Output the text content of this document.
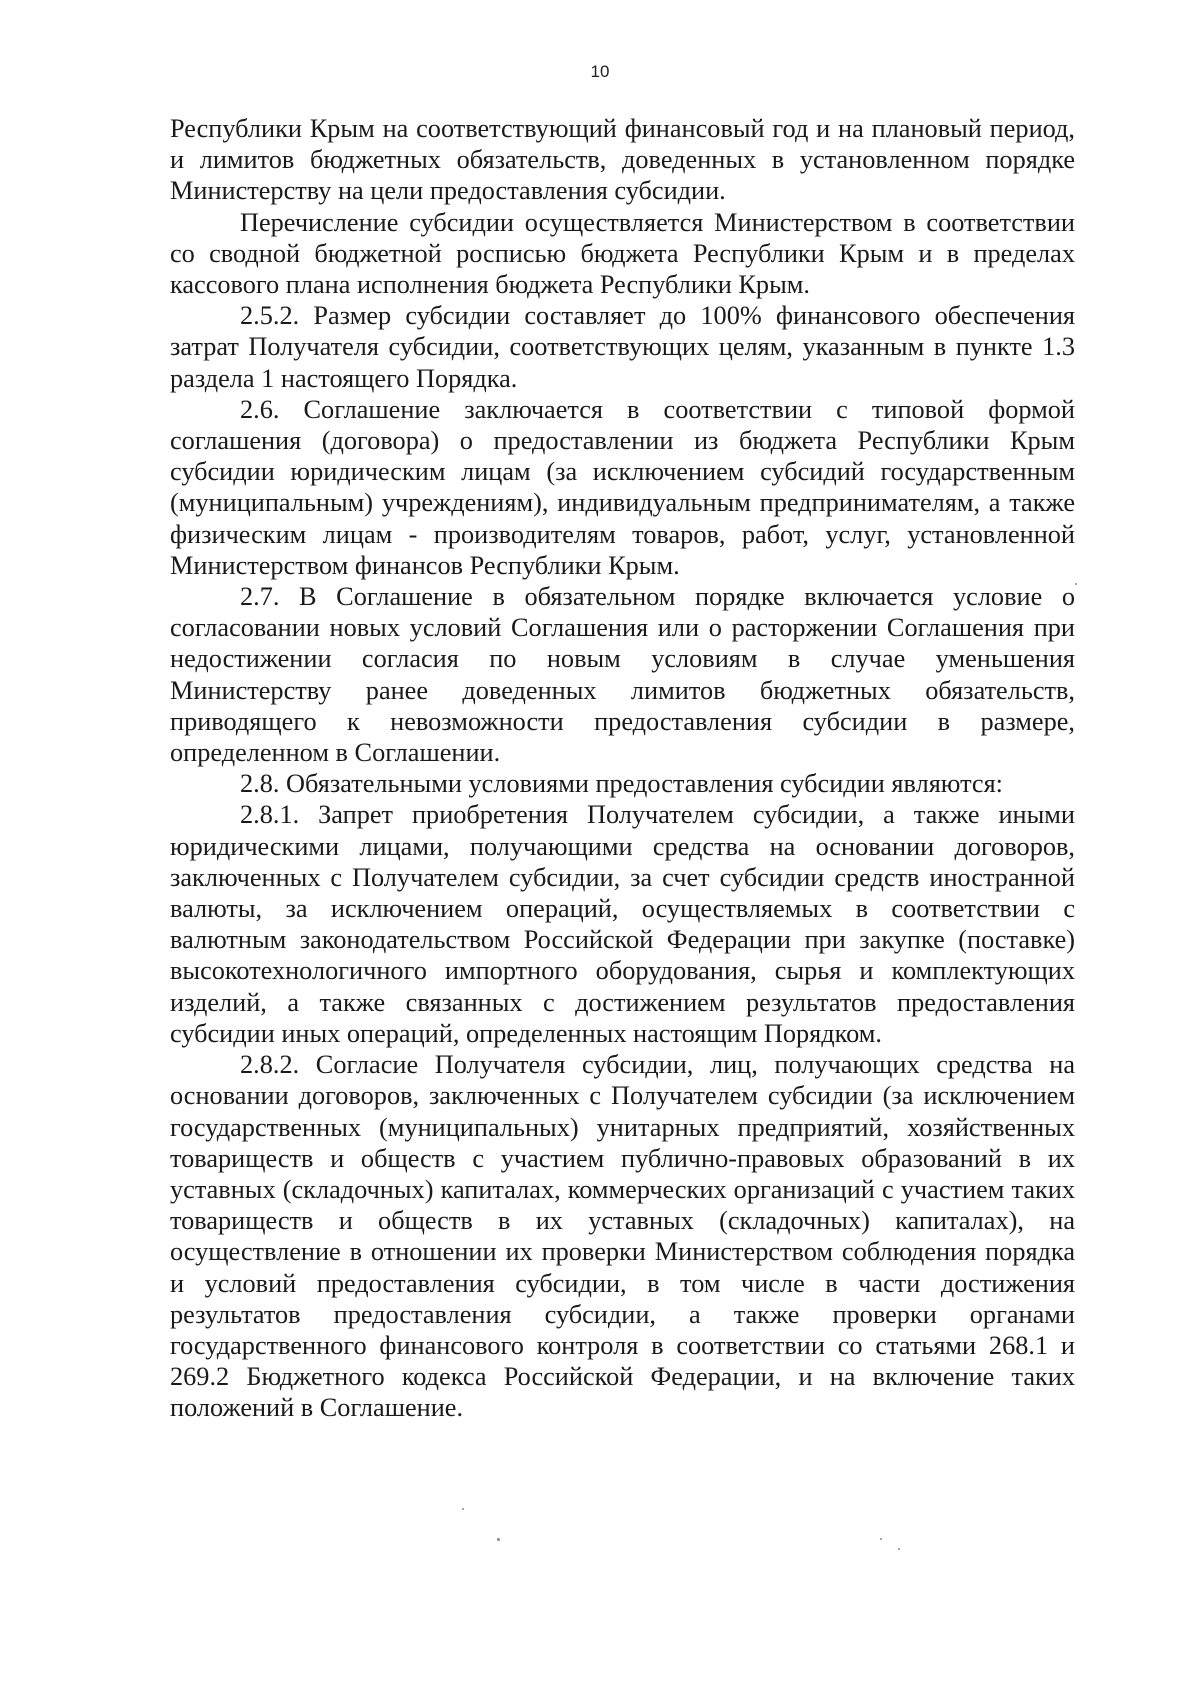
10

Республики Крым на соответствующий финансовый год и на плановый период, и лимитов бюджетных обязательств, доведенных в установленном порядке Министерству на цели предоставления субсидии.

Перечисление субсидии осуществляется Министерством в соответствии со сводной бюджетной росписью бюджета Республики Крым и в пределах кассового плана исполнения бюджета Республики Крым.

2.5.2. Размер субсидии составляет до 100% финансового обеспечения затрат Получателя субсидии, соответствующих целям, указанным в пункте 1.3 раздела 1 настоящего Порядка.

2.6. Соглашение заключается в соответствии с типовой формой соглашения (договора) о предоставлении из бюджета Республики Крым субсидии юридическим лицам (за исключением субсидий государственным (муниципальным) учреждениям), индивидуальным предпринимателям, а также физическим лицам - производителям товаров, работ, услуг, установленной Министерством финансов Республики Крым.

2.7. В Соглашение в обязательном порядке включается условие о согласовании новых условий Соглашения или о расторжении Соглашения при недостижении согласия по новым условиям в случае уменьшения Министерству ранее доведенных лимитов бюджетных обязательств, приводящего к невозможности предоставления субсидии в размере, определенном в Соглашении.

2.8. Обязательными условиями предоставления субсидии являются:

2.8.1. Запрет приобретения Получателем субсидии, а также иными юридическими лицами, получающими средства на основании договоров, заключенных с Получателем субсидии, за счет субсидии средств иностранной валюты, за исключением операций, осуществляемых в соответствии с валютным законодательством Российской Федерации при закупке (поставке) высокотехнологичного импортного оборудования, сырья и комплектующих изделий, а также связанных с достижением результатов предоставления субсидии иных операций, определенных настоящим Порядком.

2.8.2. Согласие Получателя субсидии, лиц, получающих средства на основании договоров, заключенных с Получателем субсидии (за исключением государственных (муниципальных) унитарных предприятий, хозяйственных товариществ и обществ с участием публично-правовых образований в их уставных (складочных) капиталах, коммерческих организаций с участием таких товариществ и обществ в их уставных (складочных) капиталах), на осуществление в отношении их проверки Министерством соблюдения порядка и условий предоставления субсидии, в том числе в части достижения результатов предоставления субсидии, а также проверки органами государственного финансового контроля в соответствии со статьями 268.1 и 269.2 Бюджетного кодекса Российской Федерации, и на включение таких положений в Соглашение.
